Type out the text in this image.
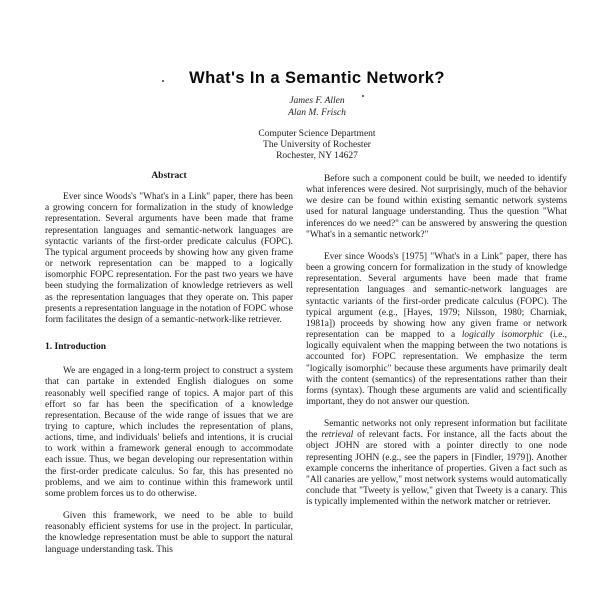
What's In a Semantic Network?
James F. Allen
Alan M. Frisch
Computer Science Department
The University of Rochester
Rochester, NY 14627
Abstract

Ever since Woods's "What's in a Link" paper, there has been a growing concern for formalization in the study of knowledge representation. Several arguments have been made that frame representation languages and semantic-network languages are syntactic variants of the first-order predicate calculus (FOPC). The typical argument proceeds by showing how any given frame or network representation can be mapped to a logically isomorphic FOPC representation. For the past two years we have been studying the formalization of knowledge retrievers as well as the representation languages that they operate on. This paper presents a representation language in the notation of FOPC whose form facilitates the design of a semantic-network-like retriever.

1. Introduction

We are engaged in a long-term project to construct a system that can partake in extended English dialogues on some reasonably well specified range of topics. A major part of this effort so far has been the specification of a knowledge representation. Because of the wide range of issues that we are trying to capture, which includes the representation of plans, actions, time, and individuals' beliefs and intentions, it is crucial to work within a framework general enough to accommodate each issue. Thus, we began developing our representation within the first-order predicate calculus. So far, this has presented no problems, and we aim to continue within this framework until some problem forces us to do otherwise.

Given this framework, we need to be able to build reasonably efficient systems for use in the project. In particular, the knowledge representation must be able to support the natural language understanding task. This

Before such a component could be built, we needed to identify what inferences were desired. Not surprisingly, much of the behavior we desire can be found within existing semantic network systems used for natural language understanding. Thus the question "What inferences do we need?" can be answered by answering the question "What's in a semantic network?"

Ever since Woods's [1975] "What's in a Link" paper, there has been a growing concern for formalization in the study of knowledge representation. Several arguments have been made that frame representation languages and semantic-network languages are syntactic variants of the first-order predicate calculus (FOPC). The typical argument (e.g., [Hayes, 1979; Nilsson, 1980; Charniak, 1981a]) proceeds by showing how any given frame or network representation can be mapped to a logically isomorphic (i.e., logically equivalent when the mapping between the two notations is accounted for) FOPC representation. We emphasize the term "logically isomorphic" because these arguments have primarily dealt with the content (semantics) of the representations rather than their forms (syntax). Though these arguments are valid and scientifically important, they do not answer our question.

Semantic networks not only represent information but facilitate the retrieval of relevant facts. For instance, all the facts about the object JOHN are stored with a pointer directly to one node representing JOHN (e.g., see the papers in [Findler, 1979]). Another example concerns the inheritance of properties. Given a fact such as "All canaries are yellow," most network systems would automatically conclude that "Tweety is yellow," given that Tweety is a canary. This is typically implemented within the network matcher or retriever.
